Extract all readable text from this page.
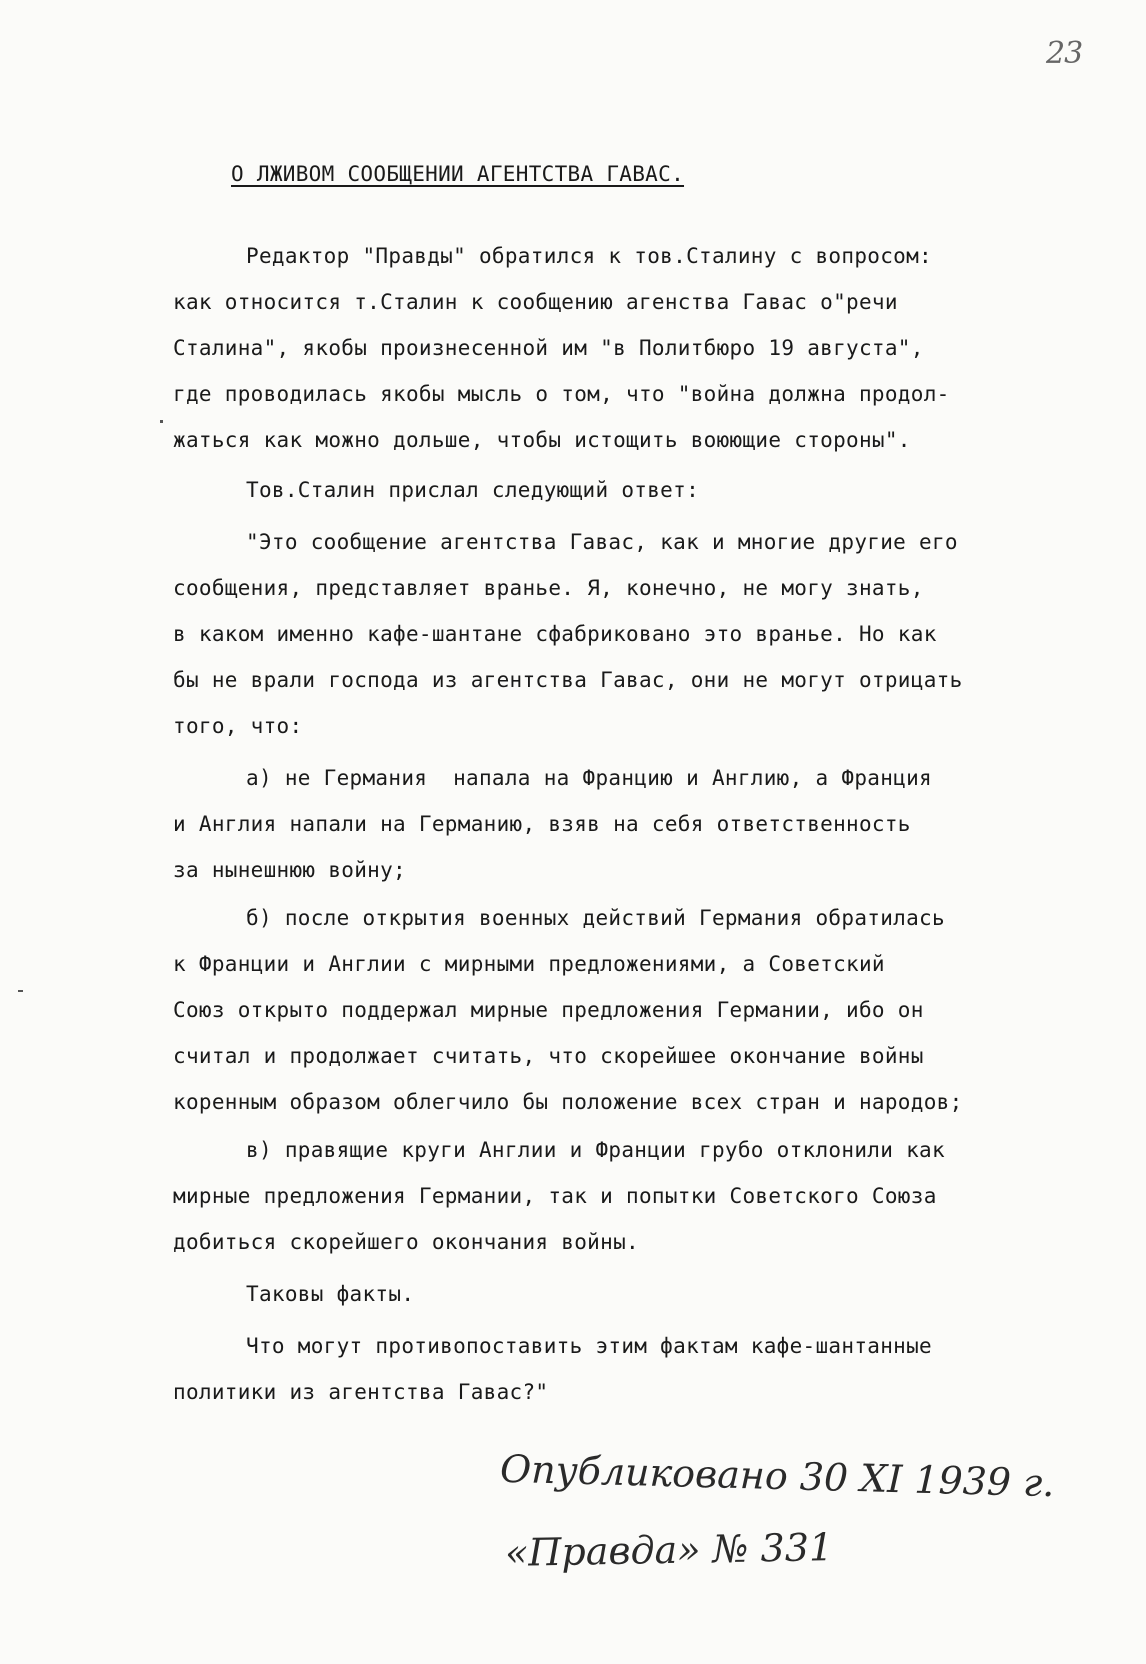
23
О ЛЖИВОМ СООБЩЕНИИ АГЕНТСТВА ГАВАС.
Редактор "Правды" обратился к тов.Сталину с вопросом:
как относится т.Сталин к сообщению агенства Гавас о"речи
Сталина", якобы произнесенной им "в Политбюро 19 августа",
где проводилась якобы мысль о том, что "война должна продол-
жаться как можно дольше, чтобы истощить воюющие стороны".
Тов.Сталин прислал следующий ответ:
"Это сообщение агентства Гавас, как и многие другие его
сообщения, представляет вранье. Я, конечно, не могу знать,
в каком именно кафе-шантане сфабриковано это вранье. Но как
бы не врали господа из агентства Гавас, они не могут отрицать
того, что:
а) не Германия  напала на Францию и Англию, а Франция
и Англия напали на Германию, взяв на себя ответственность
за нынешнюю войну;
б) после открытия военных действий Германия обратилась
к Франции и Англии с мирными предложениями, а Советский
Союз открыто поддержал мирные предложения Германии, ибо он
считал и продолжает считать, что скорейшее окончание войны
коренным образом облегчило бы положение всех стран и народов;
в) правящие круги Англии и Франции грубо отклонили как
мирные предложения Германии, так и попытки Советского Союза
добиться скорейшего окончания войны.
Таковы факты.
Что могут противопоставить этим фактам кафе-шантанные
политики из агентства Гавас?"
Опубликовано 30 XI 1939 г.
«Правда» № 331
